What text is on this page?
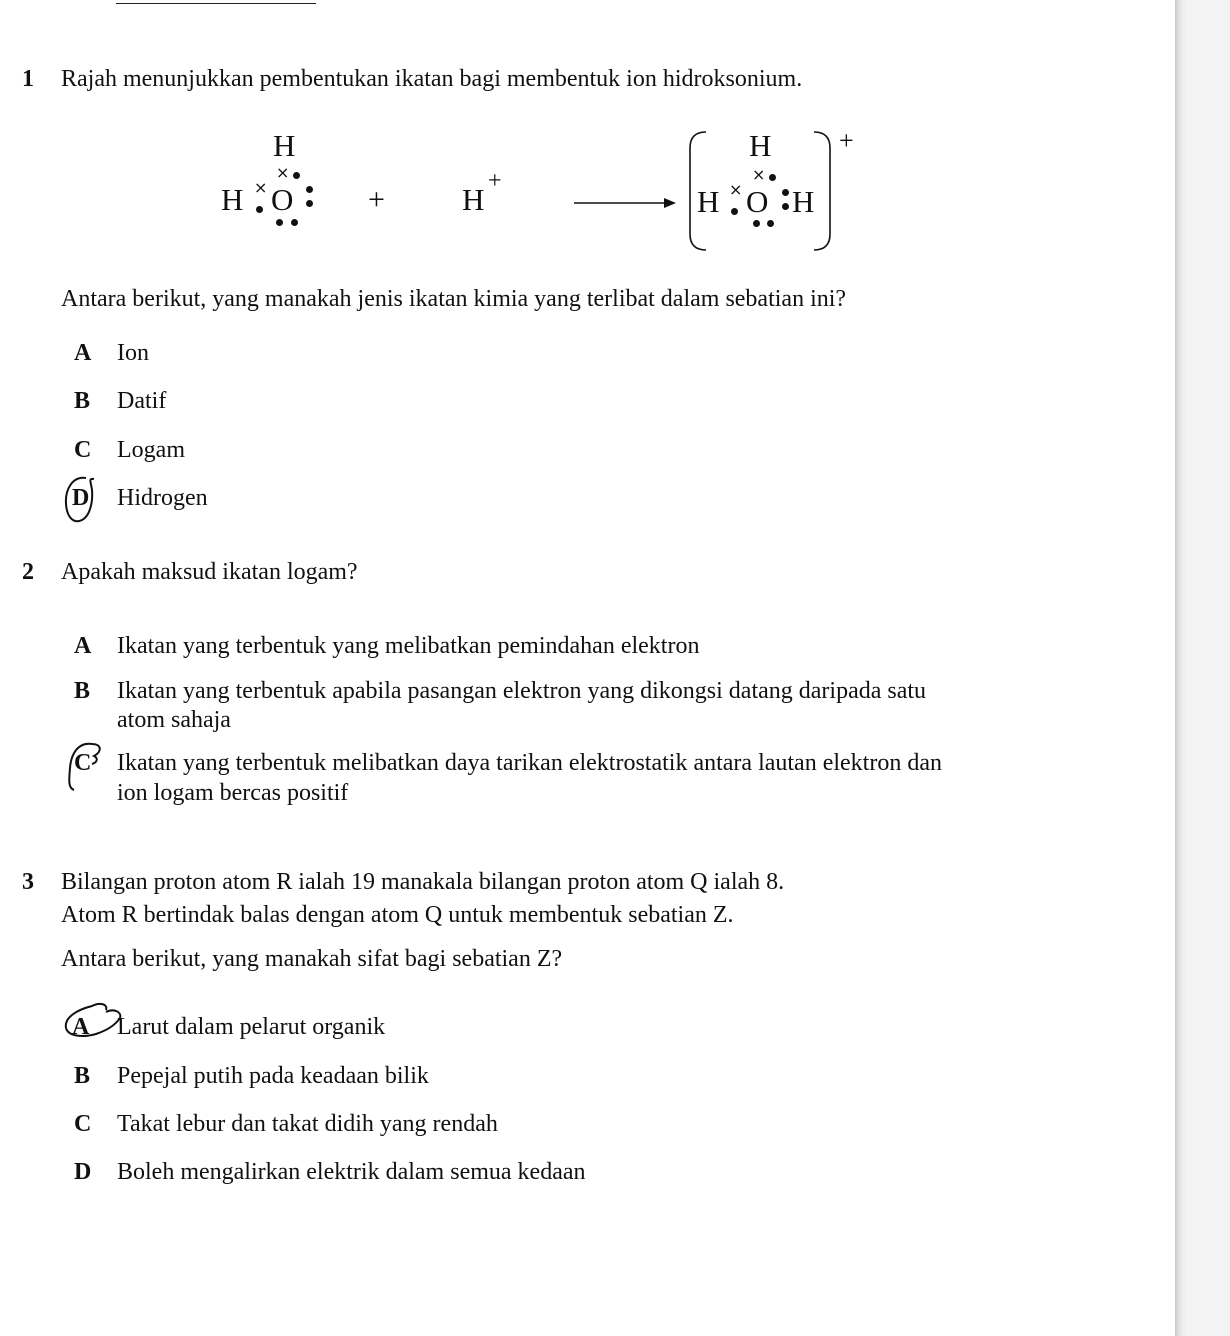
1 Rajah menunjukkan pembentukan ikatan bagi membentuk ion hidroksonium.
H
H O
×
×	+ H
+
+
H
H O H
×
×
Antara berikut, yang manakah jenis ikatan kimia yang terlibat dalam sebatian ini?
A Ion
B Datif
C Logam
D Hidrogen
2 Apakah maksud ikatan logam?
A Ikatan yang terbentuk yang melibatkan pemindahan elektron
B Ikatan yang terbentuk apabila pasangan elektron yang dikongsi datang daripada satu
atom sahaja
C Ikatan yang terbentuk melibatkan daya tarikan elektrostatik antara lautan elektron dan
ion logam bercas positif
3 Bilangan proton atom R ialah 19 manakala bilangan proton atom Q ialah 8.
Atom R bertindak balas dengan atom Q untuk membentuk sebatian Z.
Antara berikut, yang manakah sifat bagi sebatian Z?
A Larut dalam pelarut organik
B Pepejal putih pada keadaan bilik
C Takat lebur dan takat didih yang rendah
D Boleh mengalirkan elektrik dalam semua kedaan
